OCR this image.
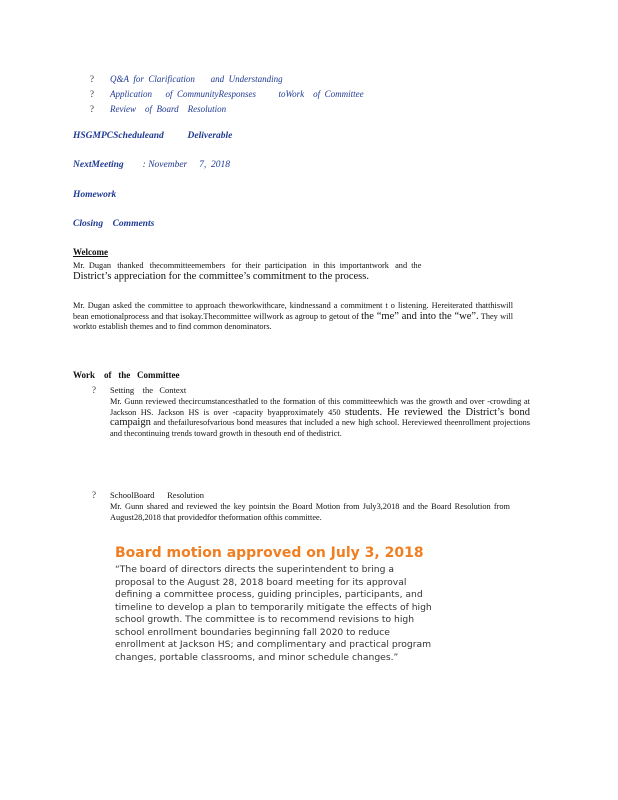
? Q&A  for  Clarification       and  Understanding
? Application      of  CommunityResponses          toWork    of  Committee
? Review    of  Board    Resolution
HSGMPCScheduleand          Deliverable
NextMeeting : November     7,  2018
Homework
Closing    Comments
Welcome
Mr.  Dugan   thanked   thecommitteemembers   for  their  participation   in  this  importantwork   and  the
District’s appreciation for the committee’s commitment to the process.
Mr. Dugan asked the committee to approach theworkwithcare, kindnessand a commitment t o listening. Hereiterated thatthiswill bean emotionalprocess and that isokay.Thecommittee willwork as agroup to getout of the “me” and into the “we”. They will workto establish themes and to find common denominators.
Work    of   the   Committee
? Setting    the   Context
Mr. Gunn reviewed thecircumstancesthatled to the formation of this committeewhich was the growth and over -crowding at Jackson HS. Jackson HS is over -capacity byapproximately 450 students. He reviewed the District’s bond campaign and thefailuresofvarious bond measures that included a new high school. Hereviewed theenrollment projections and thecontinuing trends toward growth in thesouth end of thedistrict.
? SchoolBoard      Resolution
Mr. Gunn shared and reviewed the key pointsin the Board Motion from July3,2018 and the Board Resolution from August28,2018 that providedfor theformation ofthis committee.
Board motion approved on July 3, 2018
“The board of directors directs the superintendent to bring a proposal to the August 28, 2018 board meeting for its approval defining a committee process, guiding principles, participants, and timeline to develop a plan to temporarily mitigate the effects of high school growth. The committee is to recommend revisions to high school enrollment boundaries beginning fall 2020 to reduce enrollment at Jackson HS; and complimentary and practical program changes, portable classrooms, and minor schedule changes.”
